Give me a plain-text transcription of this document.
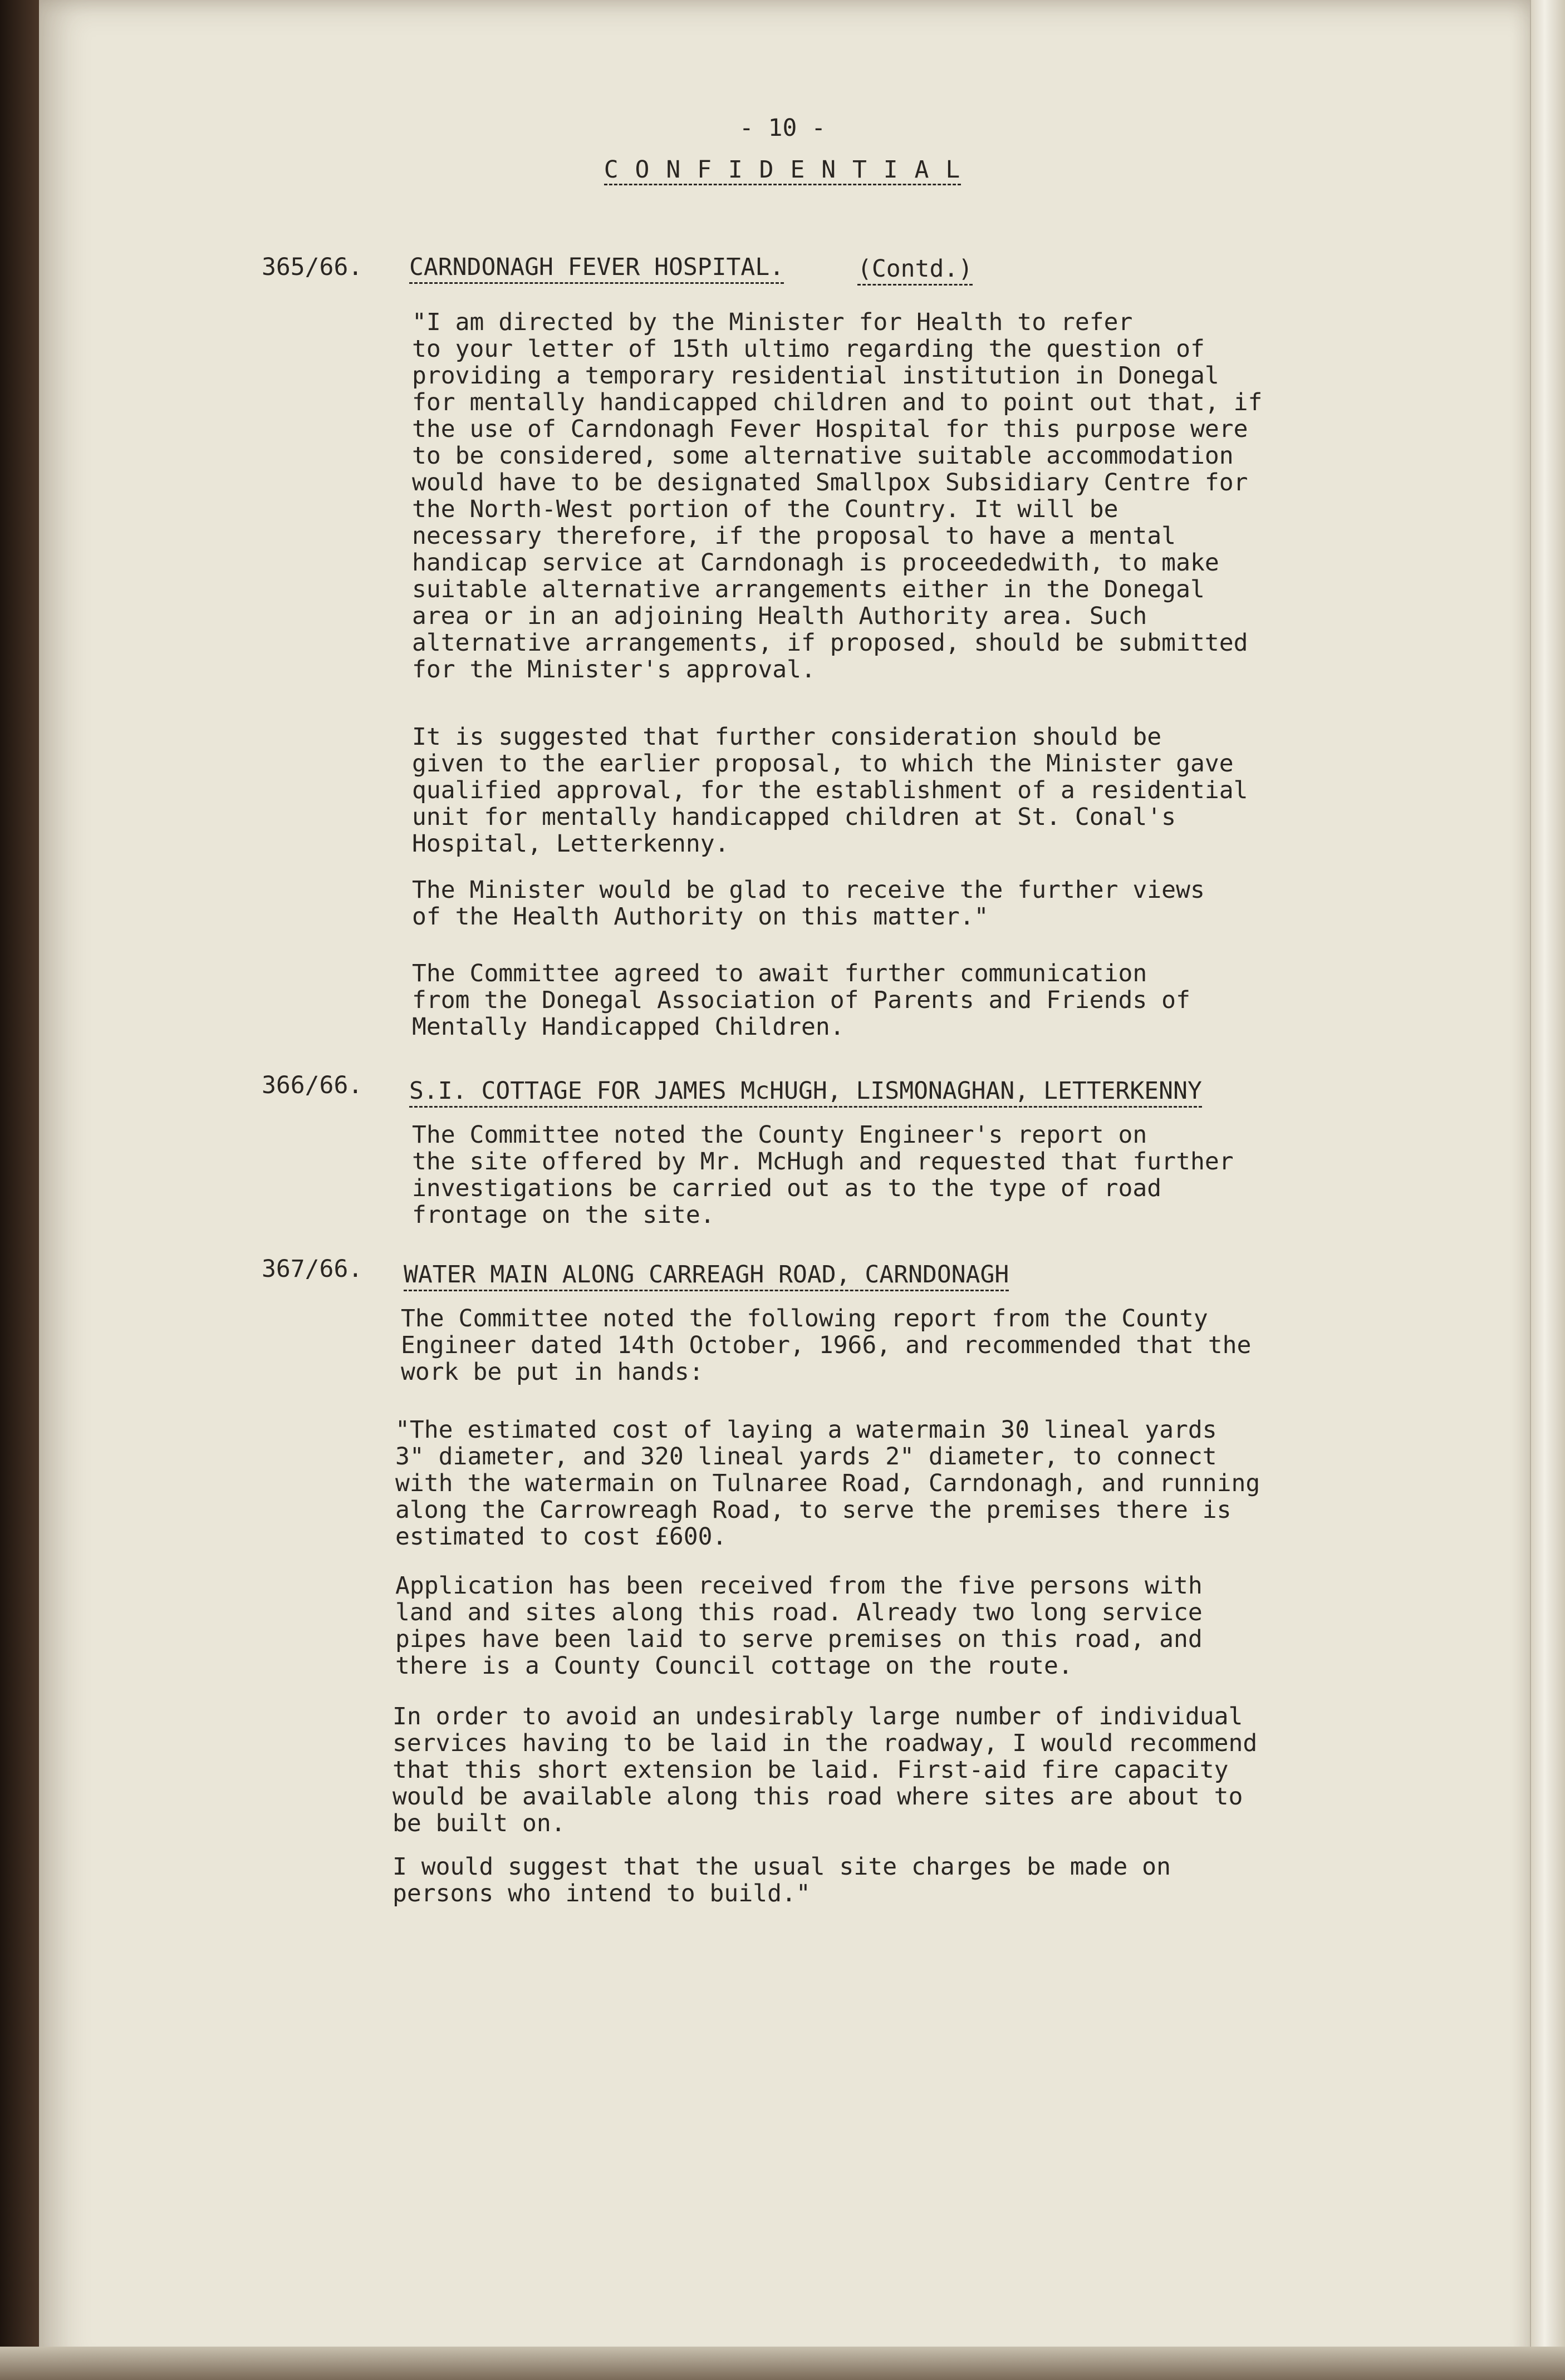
- 10 -
C O N F I D E N T I A L
365/66. CARNDONAGH FEVER HOSPITAL.	(Contd.)
"I am directed by the Minister for Health to refer
to your letter of 15th ultimo regarding the question of
providing a temporary residential institution in Donegal
for mentally handicapped children and to point out that, if
the use of Carndonagh Fever Hospital for this purpose were
to be considered, some alternative suitable accommodation
would have to be designated Smallpox Subsidiary Centre for
the North-West portion of the Country. It will be
necessary therefore, if the proposal to have a mental
handicap service at Carndonagh is proceededwith, to make
suitable alternative arrangements either in the Donegal
area or in an adjoining Health Authority area. Such
alternative arrangements, if proposed, should be submitted
for the Minister's approval.
It is suggested that further consideration should be
given to the earlier proposal, to which the Minister gave
qualified approval, for the establishment of a residential
unit for mentally handicapped children at St. Conal's
Hospital, Letterkenny.
The Minister would be glad to receive the further views
of the Health Authority on this matter."
The Committee agreed to await further communication
from the Donegal Association of Parents and Friends of
Mentally Handicapped Children.
366/66. S.I. COTTAGE FOR JAMES McHUGH, LISMONAGHAN, LETTERKENNY
The Committee noted the County Engineer's report on
the site offered by Mr. McHugh and requested that further
investigations be carried out as to the type of road
frontage on the site.
367/66. WATER MAIN ALONG CARREAGH ROAD, CARNDONAGH
The Committee noted the following report from the County
Engineer dated 14th October, 1966, and recommended that the
work be put in hands:
"The estimated cost of laying a watermain 30 lineal yards
3" diameter, and 320 lineal yards 2" diameter, to connect
with the watermain on Tulnaree Road, Carndonagh, and running
along the Carrowreagh Road, to serve the premises there is
estimated to cost £600.
Application has been received from the five persons with
land and sites along this road. Already two long service
pipes have been laid to serve premises on this road, and
there is a County Council cottage on the route.
In order to avoid an undesirably large number of individual
services having to be laid in the roadway, I would recommend
that this short extension be laid. First-aid fire capacity
would be available along this road where sites are about to
be built on.
I would suggest that the usual site charges be made on
persons who intend to build."
